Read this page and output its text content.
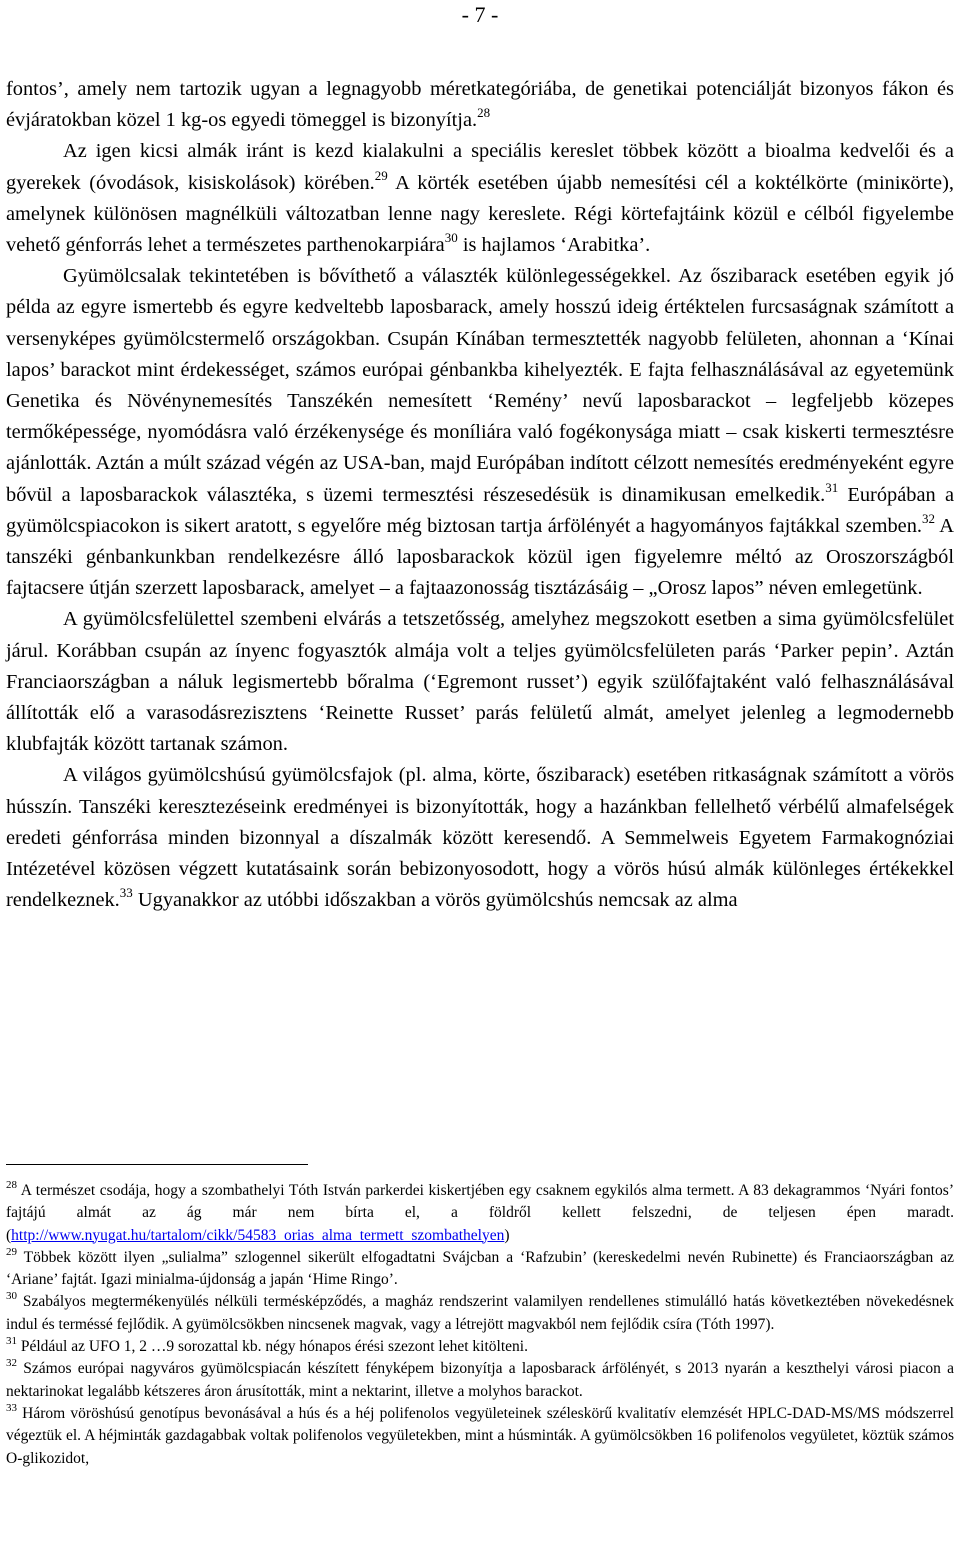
- 7 -

fontos’, amely nem tartozik ugyan a legnagyobb méretkategóriába, de genetikai potenciálját bizonyos fákon és évjáratokban közel 1 kg-os egyedi tömeggel is bizonyítja.$^{28}$

Az igen kicsi almák iránt is kezd kialakulni a speciális kereslet többek között a bioalma kedvelői és a gyerekek (óvodások, kisiskolások) körében.$^{29}$ A körték esetében újabb nemesítési cél a koktélkörte (miniкörte), amelynek különösen magnélküli változatban lenne nagy kereslete. Régi körtefajtáink közül e célból figyelembe vehető génforrás lehet a természetes parthenokarpiára$^{30}$ is hajlamos ‘Arabitka’.

Gyümölcsalak tekintetében is bővíthető a választék különlegességekkel. Az őszibarack esetében egyik jó példa az egyre ismertebb és egyre kedveltebb laposbarack, amely hosszú ideig értéktelen furcsaságnak számított a versenyképes gyümölcstermelő országokban. Csupán Kínában termesztették nagyobb felületen, ahonnan a ‘Kínai lapos’ barackot mint érdekességet, számos európai génbankba kihelyezték. E fajta felhasználásával az egyetemünk Genetika és Növénynemesítés Tanszékén nemesített ‘Remény’ nevű laposbarackot – legfeljebb közepes termőképessége, nyomódásra való érzékenysége és moníliára való fogékonysága miatt – csak kiskerti termesztésre ajánlották. Aztán a múlt század végén az USA-ban, majd Európában indított célzott nemesítés eredményeként egyre bővül a laposbarackok választéka, s üzemi termesztési részesedésük is dinamikusan emelkedik.$^{31}$ Európában a gyümölcspiacokon is sikert aratott, s egyelőre még biztosan tartja árfölényét a hagyományos fajtákkal szemben.$^{32}$ A tanszéki génbankunkban rendelkezésre álló laposbarackok közül igen figyelemre méltó az Oroszországból fajtacsere útján szerzett laposbarack, amelyet – a fajtaazonosság tisztázásáig – „Orosz lapos” néven emlegetünk.

A gyümölcsfelülettel szembeni elvárás a tetszetősség, amelyhez megszokott esetben a sima gyümölcsfelület járul. Korábban csupán az ínyenc fogyasztók almája volt a teljes gyümölcsfelületen parás ‘Parker pepin’. Aztán Franciaországban a náluk legismertebb bőralma (‘Egremont russet’) egyik szülőfajtaként való felhasználásával állították elő a varasodásrezisztens ‘Reinette Russet’ parás felületű almát, amelyet jelenleg a legmodernebb klubfajták között tartanak számon.

A világos gyümölcshúsú gyümölcsfajok (pl. alma, körte, őszibarack) esetében ritkaságnak számított a vörös hússzín. Tanszéki keresztezéseink eredményei is bizonyították, hogy a hazánkban fellelhető vérbélű almafelségek eredeti génforrása minden bizonnyal a díszalmák között keresendő. A Semmelweis Egyetem Farmakognóziai Intézetével közösen végzett kutatásaink során bebizonyosodott, hogy a vörös húsú almák különleges értékekkel rendelkeznek.$^{33}$ Ugyanakkor az utóbbi időszakban a vörös gyümölcshús nemcsak az alma

$^{28}$ A természet csodája, hogy a szombathelyi Tóth István parkerdei kiskertjében egy csaknem egykilós alma termett. A 83 dekagrammos ‘Nyári fontos’ fajtájú almát az ág már nem bírta el, a földről kellett felszedni, de teljesen épen maradt. (http://www.nyugat.hu/tartalom/cikk/54583_orias_alma_termett_szombathelyen)

$^{29}$ Többek között ilyen „sulialma” szlogennel sikerült elfogadtatni Svájcban a ‘Rafzubin’ (kereskedelmi nevén Rubinette) és Franciaországban az ‘Ariane’ fajtát. Igazi minialma-újdonság a japán ‘Hime Ringo’.

$^{30}$ Szabályos megtermékenyülés nélküli termésképződés, a magház rendszerint valamilyen rendellenes stimulálló hatás következtében növekedésnek indul és terméssé fejlődik. A gyümölcsökben nincsenek magvak, vagy a létrejött magvakból nem fejlődik csíra (Tóth 1997).

$^{31}$ Például az UFO 1, 2 …9 sorozattal kb. négy hónapos érési szezont lehet kitölteni.

$^{32}$ Számos európai nagyváros gyümölcspiacán készített fényképem bizonyítja a laposbarack árfölényét, s 2013 nyarán a keszthelyi városi piacon a nektarinokat legalább kétszeres áron árusították, mint a nektarint, illetve a molyhos barackot.

$^{33}$ Három vöröshúsú genotípus bevonásával a hús és a héj polifenolos vegyületeinek széleskörű kvalitatív elemzését HPLC-DAD-MS/MS módszerrel végeztük el. A héjmінták gazdagabbak voltak polifenolos vegyületekben, mint a húsminták. A gyümölcsökben 16 polifenolos vegyületet, köztük számos O-glikozidot,
